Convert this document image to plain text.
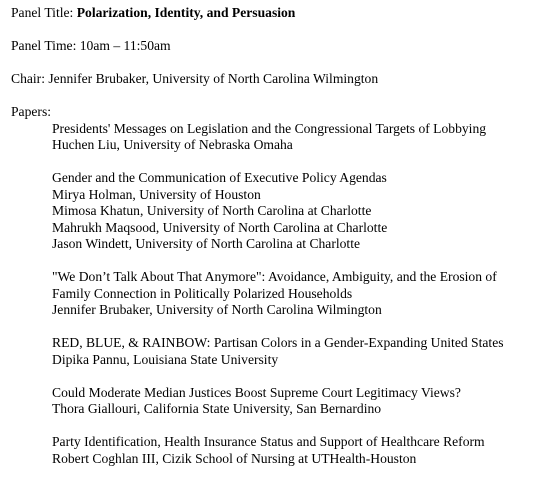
Panel Title: Polarization, Identity, and Persuasion
Panel Time: 10am – 11:50am
Chair: Jennifer Brubaker, University of North Carolina Wilmington
Papers:
Presidents' Messages on Legislation and the Congressional Targets of Lobbying
Huchen Liu, University of Nebraska Omaha
Gender and the Communication of Executive Policy Agendas
Mirya Holman, University of Houston
Mimosa Khatun, University of North Carolina at Charlotte
Mahrukh Maqsood, University of North Carolina at Charlotte
Jason Windett, University of North Carolina at Charlotte
"We Don’t Talk About That Anymore": Avoidance, Ambiguity, and the Erosion of
Family Connection in Politically Polarized Households
Jennifer Brubaker, University of North Carolina Wilmington
RED, BLUE, & RAINBOW: Partisan Colors in a Gender-Expanding United States
Dipika Pannu, Louisiana State University
Could Moderate Median Justices Boost Supreme Court Legitimacy Views?
Thora Giallouri, California State University, San Bernardino
Party Identification, Health Insurance Status and Support of Healthcare Reform
Robert Coghlan III, Cizik School of Nursing at UTHealth-Houston
